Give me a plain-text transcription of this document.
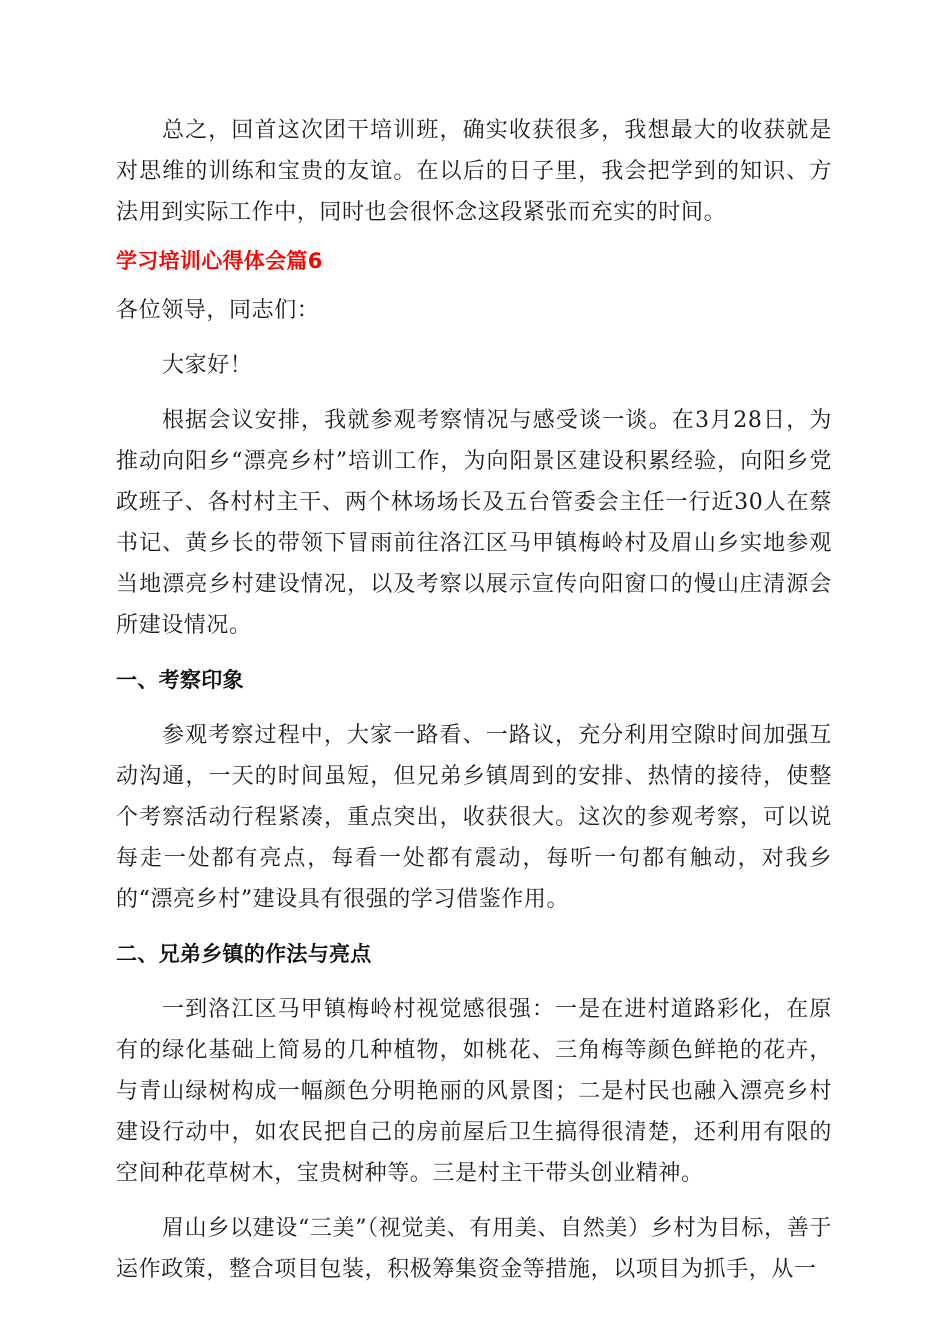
总之，回首这次团干培训班，确实收获很多，我想最大的收获就是对思维的训练和宝贵的友谊。在以后的日子里，我会把学到的知识、方法用到实际工作中，同时也会很怀念这段紧张而充实的时间。

学习培训心得体会篇6

各位领导，同志们：

大家好！

根据会议安排，我就参观考察情况与感受谈一谈。在3月28日，为推动向阳乡“漂亮乡村”培训工作，为向阳景区建设积累经验，向阳乡党政班子、各村村主干、两个林场场长及五台管委会主任一行近30人在蔡书记、黄乡长的带领下冒雨前往洛江区马甲镇梅岭村及眉山乡实地参观当地漂亮乡村建设情况，以及考察以展示宣传向阳窗口的慢山庄清源会所建设情况。

一、考察印象

参观考察过程中，大家一路看、一路议，充分利用空隙时间加强互动沟通，一天的时间虽短，但兄弟乡镇周到的安排、热情的接待，使整个考察活动行程紧凑，重点突出，收获很大。这次的参观考察，可以说每走一处都有亮点，每看一处都有震动，每听一句都有触动，对我乡的“漂亮乡村”建设具有很强的学习借鉴作用。

二、兄弟乡镇的作法与亮点

一到洛江区马甲镇梅岭村视觉感很强：一是在进村道路彩化，在原有的绿化基础上简易的几种植物，如桃花、三角梅等颜色鲜艳的花卉，与青山绿树构成一幅颜色分明艳丽的风景图；二是村民也融入漂亮乡村建设行动中，如农民把自己的房前屋后卫生搞得很清楚，还利用有限的空间种花草树木，宝贵树种等。三是村主干带头创业精神。

眉山乡以建设“三美”（视觉美、有用美、自然美）乡村为目标，善于运作政策，整合项目包装，积极筹集资金等措施，以项目为抓手，从一
